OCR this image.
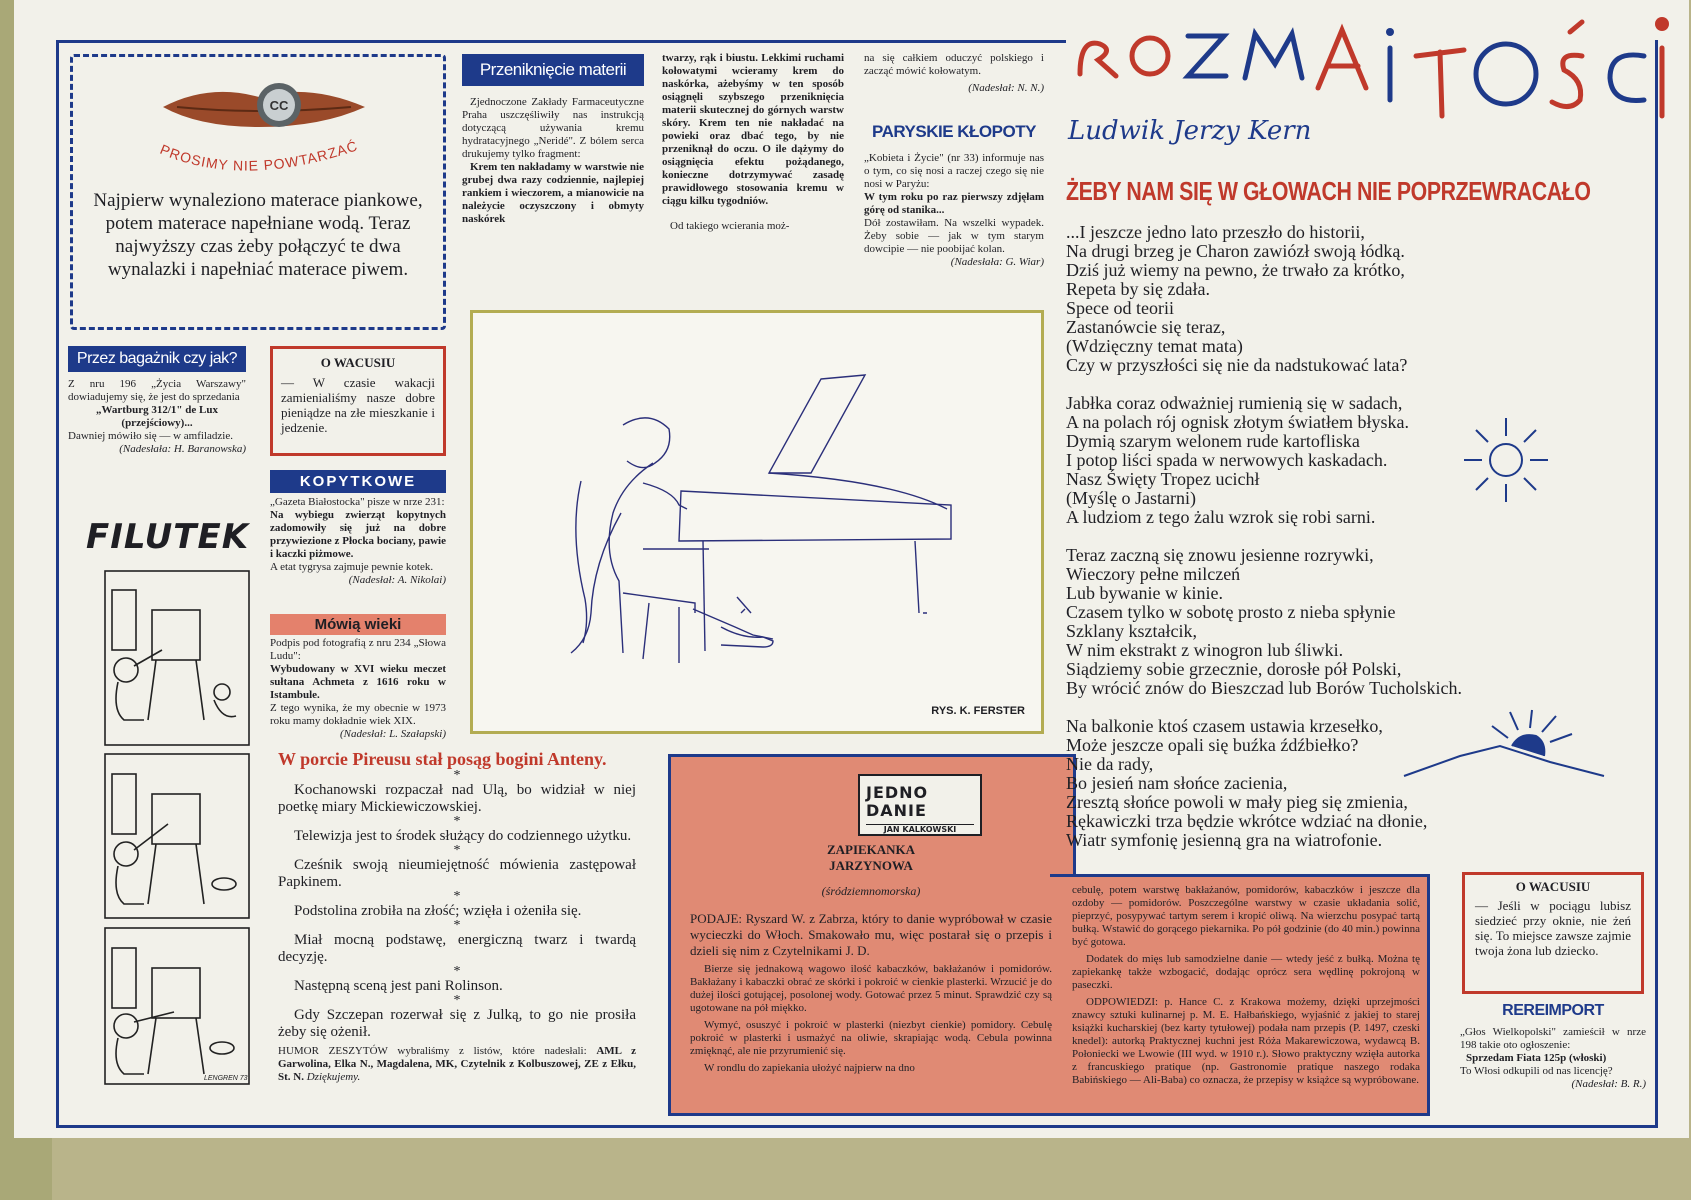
CC
PROSIMY NIE POWTARZAĆ

Najpierw wynaleziono materace piankowe, potem materace napełniane wodą. Teraz najwyższy czas żeby połączyć te dwa wynalazki i napełniać materace piwem.

Przez bagażnik czy jak?

Z nru 196 „Życia Warszawy" dowiadujemy się, że jest do sprzedania

„Wartburg 312/1" de Lux (przejściowy)...

Dawniej mówiło się — w amfiladzie.

(Nadesłała: H. Baranowska)

O WACUSIU

— W czasie wakacji zamienialiśmy nasze dobre pieniądze na złe mieszkanie i jedzenie.

KOPYTKOWE

„Gazeta Białostocka" pisze w nrze 231:

Na wybiegu zwierząt kopytnych zadomowiły się już na dobre przywiezione z Płocka bociany, pawie i kaczki piżmowe.

A etat tygrysa zajmuje pewnie kotek.

(Nadesłał: A. Nikolai)

Mówią wieki

Podpis pod fotografią z nru 234 „Słowa Ludu":

Wybudowany w XVI wieku meczet sułtana Achmeta z 1616 roku w Istambule.

Z tego wynika, że my obecnie w 1973 roku mamy dokładnie wiek XIX.

(Nadesłał: L. Szałapski)

FILUTEK
LENGREN 73
Przeniknięcie materii

Zjednoczone Zakłady Farmaceutyczne Praha uszczęśliwiły nas instrukcją dotyczącą używania kremu hydratacyjnego „Neridé". Z bólem serca drukujemy tylko fragment:

Krem ten nakładamy w warstwie nie grubej dwa razy codziennie, najlepiej rankiem i wieczorem, a mianowicie na należycie oczyszczony i obmyty naskórek

twarzy, rąk i biustu. Lekkimi ruchami kołowatymi wcieramy krem do naskórka, ażebyśmy w ten sposób osiągnęli szybszego przeniknięcia materii skutecznej do górnych warstw skóry. Krem ten nie nakładać na powieki oraz dbać tego, by nie przeniknął do oczu. O ile dążymy do osiągnięcia efektu pożądanego, konieczne dotrzymywać zasadę prawidłowego stosowania kremu w ciągu kilku tygodniów.

Od takiego wcierania moż-

na się całkiem oduczyć polskiego i zacząć mówić kołowatym.

(Nadesłał: N. N.)

PARYSKIE KŁOPOTY

„Kobieta i Życie" (nr 33) informuje nas o tym, co się nosi a raczej czego się nie nosi w Paryżu:

W tym roku po raz pierwszy zdjęłam górę od stanika...

Dół zostawiłam. Na wszelki wypadek. Żeby sobie — jak w tym starym dowcipie — nie poobijać kolan.

(Nadesłała: G. Wiar)

RYS. K. FERSTER
W porcie Pireusu stał posąg bogini Anteny.
*

Kochanowski rozpaczał nad Ulą, bo widział w niej poetkę miary Mickiewiczowskiej.

*

Telewizja jest to środek służący do codziennego użytku.

*

Cześnik swoją nieumiejętność mówienia zastępował Papkinem.

*

Podstolina zrobiła na złość; wzięła i ożeniła się.

*

Miał mocną podstawę, energiczną twarz i twardą decyzję.

*

Następną sceną jest pani Rolinson.

*

Gdy Szczepan rozerwał się z Julką, to go nie prosiła żeby się ożenił.

HUMOR ZESZYTÓW wybraliśmy z listów, które nadesłali: AML z Garwolina, Elka N., Magdalena, MK, Czytelnik z Kolbuszowej, ZE z Ełku, St. N. Dziękujemy.

JEDNO DANIE
JAN KALKOWSKI
ZAPIEKANKA JARZYNOWA
(śródziemnomorska)

PODAJE: Ryszard W. z Zabrza, który to danie wypróbował w czasie wycieczki do Włoch. Smakowało mu, więc postarał się o przepis i dzieli się nim z Czytelnikami J. D.

Bierze się jednakową wagowo ilość kabaczków, bakłażanów i pomidorów. Bakłażany i kabaczki obrać ze skórki i pokroić w cienkie plasterki. Wrzucić je do dużej ilości gotującej, posolonej wody. Gotować przez 5 minut. Sprawdzić czy są ugotowane na pół miękko.

Wymyć, osuszyć i pokroić w plasterki (niezbyt cienkie) pomidory. Cebulę pokroić w plasterki i usmażyć na oliwie, skrapiając wodą. Cebula powinna zmięknąć, ale nie przyrumienić się.

W rondlu do zapiekania ułożyć najpierw na dno

cebulę, potem warstwę bakłażanów, pomidorów, kabaczków i jeszcze dla ozdoby — pomidorów. Poszczególne warstwy w czasie układania solić, pieprzyć, posypywać tartym serem i kropić oliwą. Na wierzchu posypać tartą bułką. Wstawić do gorącego piekarnika. Po pół godzinie (do 40 min.) powinna być gotowa.

Dodatek do mięs lub samodzielne danie — wtedy jeść z bułką. Można tę zapiekankę także wzbogacić, dodając oprócz sera wędlinę pokrojoną w paseczki.

ODPOWIEDZI: p. Hance C. z Krakowa możemy, dzięki uprzejmości znawcy sztuki kulinarnej p. M. E. Hałbańskiego, wyjaśnić z jakiej to starej książki kucharskiej (bez karty tytułowej) podała nam przepis (P. 1497, czeski knedel): autorką Praktycznej kuchni jest Róża Makarewiczowa, wydawcą B. Połoniecki we Lwowie (III wyd. w 1910 r.). Słowo praktyczny wzięła autorka z francuskiego pratique (np. Gastronomie pratique naszego rodaka Babińskiego — Ali-Baba) co oznacza, że przepisy w książce są wypróbowane.

Ludwik Jerzy Kern
ŻEBY NAM SIĘ W GŁOWACH NIE POPRZEWRACAŁO
...I jeszcze jedno lato przeszło do historii,
Na drugi brzeg je Charon zawiózł swoją łódką.
Dziś już wiemy na pewno, że trwało za krótko,
Repeta by się zdała.
Spece od teorii
Zastanówcie się teraz,
(Wdzięczny temat mata)
Czy w przyszłości się nie da nadstukować lata?
Jabłka coraz odważniej rumienią się w sadach,
A na polach rój ognisk złotym światłem błyska.
Dymią szarym welonem rude kartofliska
I potop liści spada w nerwowych kaskadach.
Nasz Święty Tropez ucichł
(Myślę o Jastarni)
A ludziom z tego żalu wzrok się robi sarni.
Teraz zaczną się znowu jesienne rozrywki,
Wieczory pełne milczeń
Lub bywanie w kinie.
Czasem tylko w sobotę prosto z nieba spłynie
Szklany kształcik,
W nim ekstrakt z winogron lub śliwki.
Siądziemy sobie grzecznie, dorosłe pół Polski,
By wrócić znów do Bieszczad lub Borów Tucholskich.
Na balkonie ktoś czasem ustawia krzesełko,
Może jeszcze opali się buźka źdźbiełko?
Nie da rady,
Bo jesień nam słońce zacienia,
Zresztą słońce powoli w mały pieg się zmienia,
Rękawiczki trza będzie wkrótce wdziać na dłonie,
Wiatr symfonię jesienną gra na wiatrofonie.
O WACUSIU

— Jeśli w pociągu lubisz siedzieć przy oknie, nie żeń się. To miejsce zawsze zajmie twoja żona lub dziecko.

REREIMPORT

„Głos Wielkopolski" zamieścił w nrze 198 takie oto ogłoszenie:

Sprzedam Fiata 125p (włoski)

To Włosi odkupili od nas licencję?

(Nadesłał: B. R.)
